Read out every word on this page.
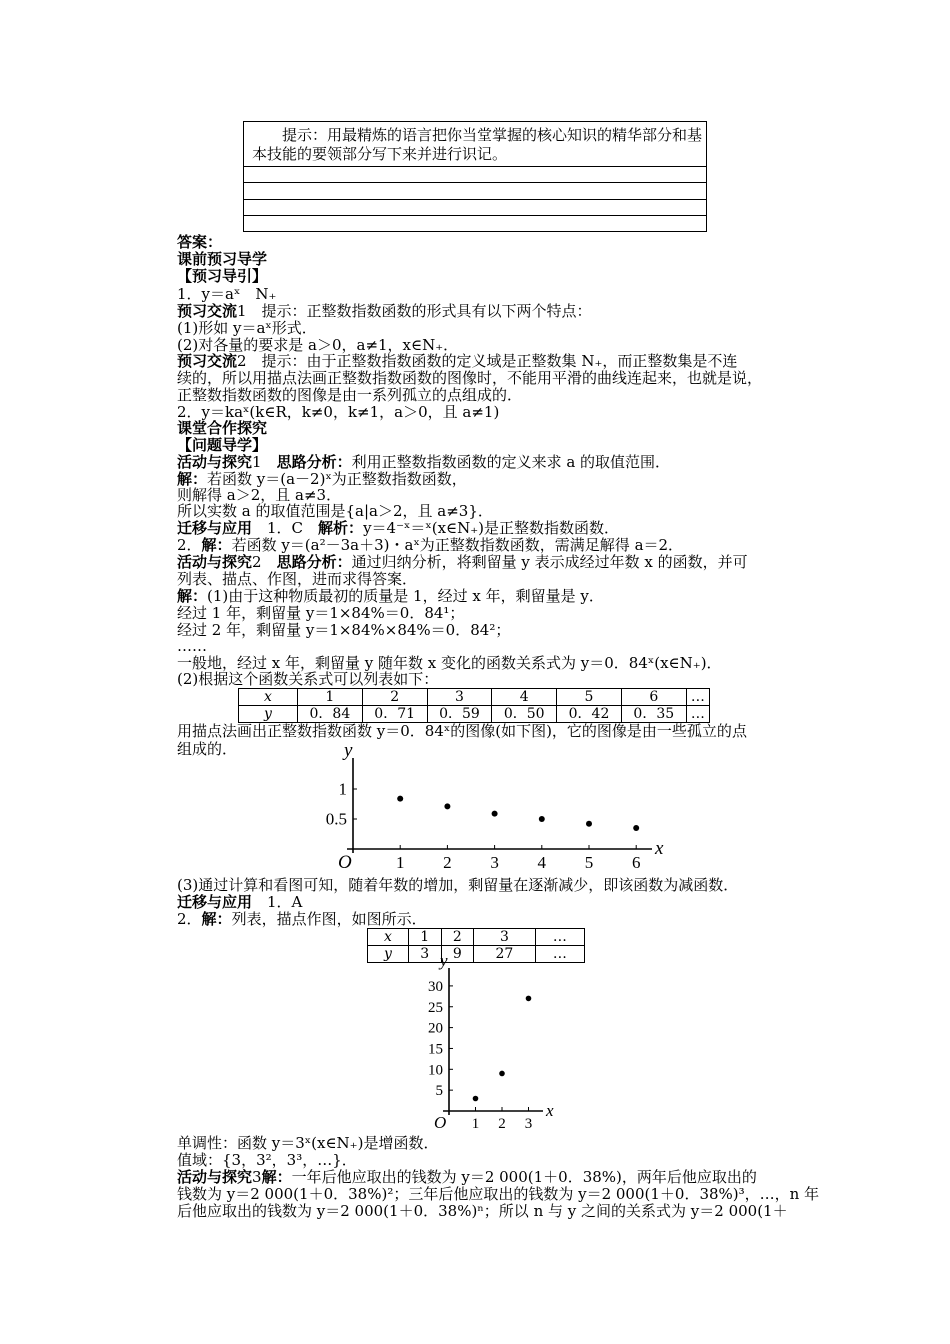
提示：用最精炼的语言把你当堂掌握的核心知识的精华部分和基本技能的要领部分写下来并进行识记。
答案：
课前预习导学
【预习导引】
1．y＝aˣ　N₊
预习交流1　提示：正整数指数函数的形式具有以下两个特点：
(1)形如 y＝aˣ形式．
(2)对各量的要求是 a＞0，a≠1，x∈N₊．
预习交流2　提示：由于正整数指数函数的定义域是正整数集 N₊，而正整数集是不连
续的，所以用描点法画正整数指数函数的图像时，不能用平滑的曲线连起来，也就是说，
正整数指数函数的图像是由一系列孤立的点组成的．
2．y＝kaˣ(k∈R，k≠0，k≠1，a＞0，且 a≠1)
课堂合作探究
【问题导学】
活动与探究1　思路分析：利用正整数指数函数的定义来求 a 的取值范围．
解：若函数 y＝(a－2)ˣ为正整数指数函数，
则解得 a＞2，且 a≠3．
所以实数 a 的取值范围是{a|a＞2，且 a≠3}．
迁移与应用　1．C　解析：y＝4⁻ˣ＝ˣ(x∈N₊)是正整数指数函数．
2．解：若函数 y＝(a²－3a＋3)・aˣ为正整数指数函数，需满足解得 a＝2．
活动与探究2　思路分析：通过归纳分析，将剩留量 y 表示成经过年数 x 的函数，并可
列表、描点、作图，进而求得答案．
解：(1)由于这种物质最初的质量是 1，经过 x 年，剩留量是 y．
经过 1 年，剩留量 y＝1×84%＝0．84¹；
经过 2 年，剩留量 y＝1×84%×84%＝0．84²；
……
一般地，经过 x 年，剩留量 y 随年数 x 变化的函数关系式为 y＝0．84ˣ(x∈N₊)．
(2)根据这个函数关系式可以列表如下：
x	1	2	3	4	5	6	…
y	0．84	0．71	0．59	0．50	0．42	0．35	…
用描点法画出正整数指数函数 y＝0．84ˣ的图像(如下图)，它的图像是由一些孤立的点
组成的．
x
y
O	1 2 3 4 5 6
0.5
1
(3)通过计算和看图可知，随着年数的增加，剩留量在逐渐减少，即该函数为减函数．
迁移与应用　1．A
2．解：列表，描点作图，如图所示．
x	1	2	3	…
y	3	9	27	…
x
y
O 1 2 3
5
10
15
20
25
30
单调性：函数 y＝3ˣ(x∈N₊)是增函数．
值域：{3，3²，3³，…}．
活动与探究3解：一年后他应取出的钱数为 y＝2 000(1＋0．38%)，两年后他应取出的
钱数为 y＝2 000(1＋0．38%)²；三年后他应取出的钱数为 y＝2 000(1＋0．38%)³，…，n 年
后他应取出的钱数为 y＝2 000(1＋0．38%)ⁿ；所以 n 与 y 之间的关系式为 y＝2 000(1＋
